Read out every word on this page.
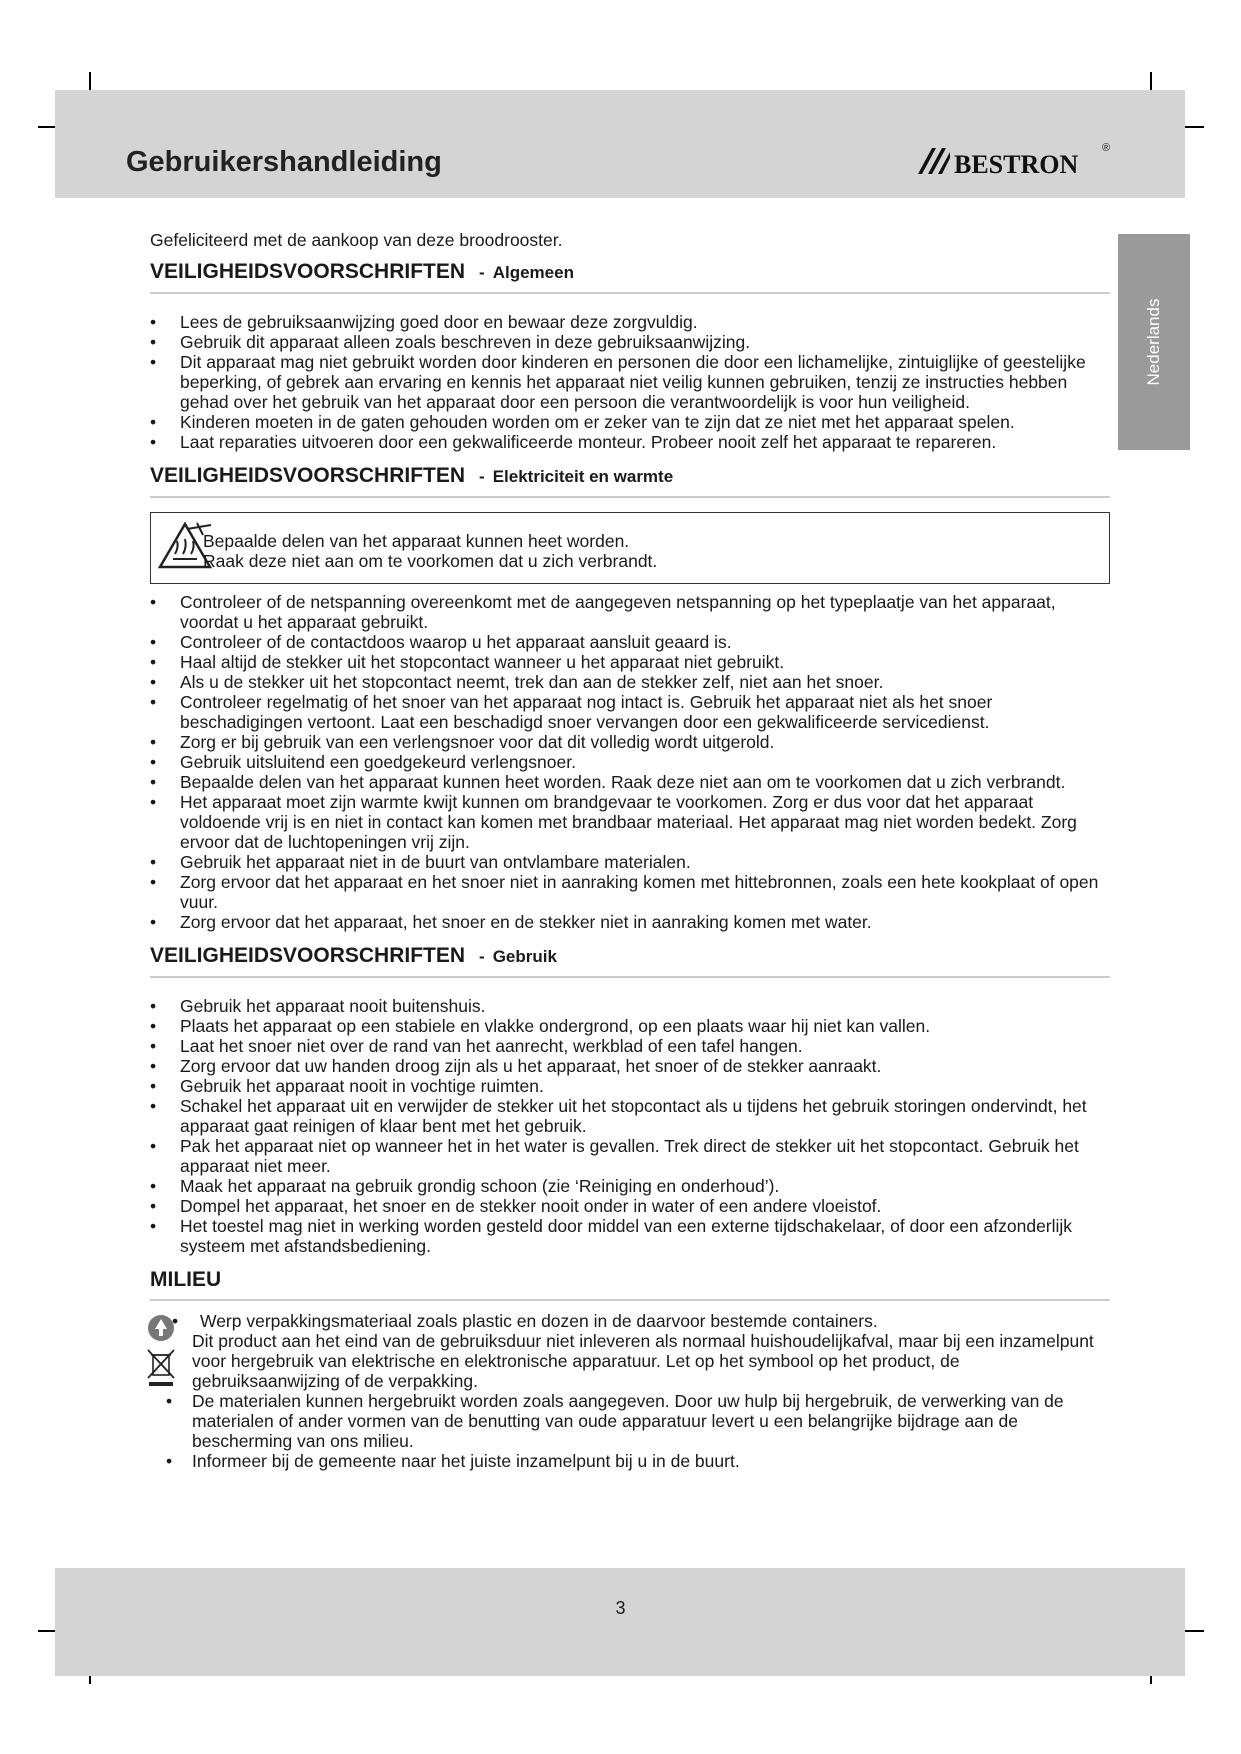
Gebruikershandleiding	bestron ®
Nederlands

Gefeliciteerd met de aankoop van deze broodrooster.

VEILIGHEIDSVOORSCHRIFTEN - Algemeen
• Lees de gebruiksaanwijzing goed door en bewaar deze zorgvuldig.
• Gebruik dit apparaat alleen zoals beschreven in deze gebruiksaanwijzing.
• Dit apparaat mag niet gebruikt worden door kinderen en personen die door een lichamelijke, zintuiglijke of geestelijke beperking, of gebrek aan ervaring en kennis het apparaat niet veilig kunnen gebruiken, tenzij ze instructies hebben gehad over het gebruik van het apparaat door een persoon die verantwoordelijk is voor hun veiligheid.
• Kinderen moeten in de gaten gehouden worden om er zeker van te zijn dat ze niet met het apparaat spelen.
• Laat reparaties uitvoeren door een gekwalificeerde monteur. Probeer nooit zelf het apparaat te repareren.
VEILIGHEIDSVOORSCHRIFTEN - Elektriciteit en warmte
Bepaalde delen van het apparaat kunnen heet worden.
Raak deze niet aan om te voorkomen dat u zich verbrandt.
• Controleer of de netspanning overeenkomt met de aangegeven netspanning op het typeplaatje van het apparaat, voordat u het apparaat gebruikt.
• Controleer of de contactdoos waarop u het apparaat aansluit geaard is.
• Haal altijd de stekker uit het stopcontact wanneer u het apparaat niet gebruikt.
• Als u de stekker uit het stopcontact neemt, trek dan aan de stekker zelf, niet aan het snoer.
• Controleer regelmatig of het snoer van het apparaat nog intact is. Gebruik het apparaat niet als het snoer beschadigingen vertoont. Laat een beschadigd snoer vervangen door een gekwalificeerde servicedienst.
• Zorg er bij gebruik van een verlengsnoer voor dat dit volledig wordt uitgerold.
• Gebruik uitsluitend een goedgekeurd verlengsnoer.
• Bepaalde delen van het apparaat kunnen heet worden. Raak deze niet aan om te voorkomen dat u zich verbrandt.
• Het apparaat moet zijn warmte kwijt kunnen om brandgevaar te voorkomen. Zorg er dus voor dat het apparaat voldoende vrij is en niet in contact kan komen met brandbaar materiaal. Het apparaat mag niet worden bedekt. Zorg ervoor dat de luchtopeningen vrij zijn.
• Gebruik het apparaat niet in de buurt van ontvlambare materialen.
• Zorg ervoor dat het apparaat en het snoer niet in aanraking komen met hittebronnen, zoals een hete kookplaat of open vuur.
• Zorg ervoor dat het apparaat, het snoer en de stekker niet in aanraking komen met water.
VEILIGHEIDSVOORSCHRIFTEN - Gebruik
• Gebruik het apparaat nooit buitenshuis.
• Plaats het apparaat op een stabiele en vlakke ondergrond, op een plaats waar hij niet kan vallen.
• Laat het snoer niet over de rand van het aanrecht, werkblad of een tafel hangen.
• Zorg ervoor dat uw handen droog zijn als u het apparaat, het snoer of de stekker aanraakt.
• Gebruik het apparaat nooit in vochtige ruimten.
• Schakel het apparaat uit en verwijder de stekker uit het stopcontact als u tijdens het gebruik storingen ondervindt, het apparaat gaat reinigen of klaar bent met het gebruik.
• Pak het apparaat niet op wanneer het in het water is gevallen. Trek direct de stekker uit het stopcontact. Gebruik het apparaat niet meer.
• Maak het apparaat na gebruik grondig schoon (zie ‘Reiniging en onderhoud’).
• Dompel het apparaat, het snoer en de stekker nooit onder in water of een andere vloeistof.
• Het toestel mag niet in werking worden gesteld door middel van een externe tijdschakelaar, of door een afzonderlijk systeem met afstandsbediening.
MILIEU
• Werp verpakkingsmateriaal zoals plastic en dozen in de daarvoor bestemde containers.
Dit product aan het eind van de gebruiksduur niet inleveren als normaal huishoudelijkafval, maar bij een inzamelpunt voor hergebruik van elektrische en elektronische apparatuur. Let op het symbool op het product, de gebruiksaanwijzing of de verpakking.
• De materialen kunnen hergebruikt worden zoals aangegeven. Door uw hulp bij hergebruik, de verwerking van de materialen of ander vormen van de benutting van oude apparatuur levert u een belangrijke bijdrage aan de bescherming van ons milieu.
• Informeer bij de gemeente naar het juiste inzamelpunt bij u in de buurt.
3
